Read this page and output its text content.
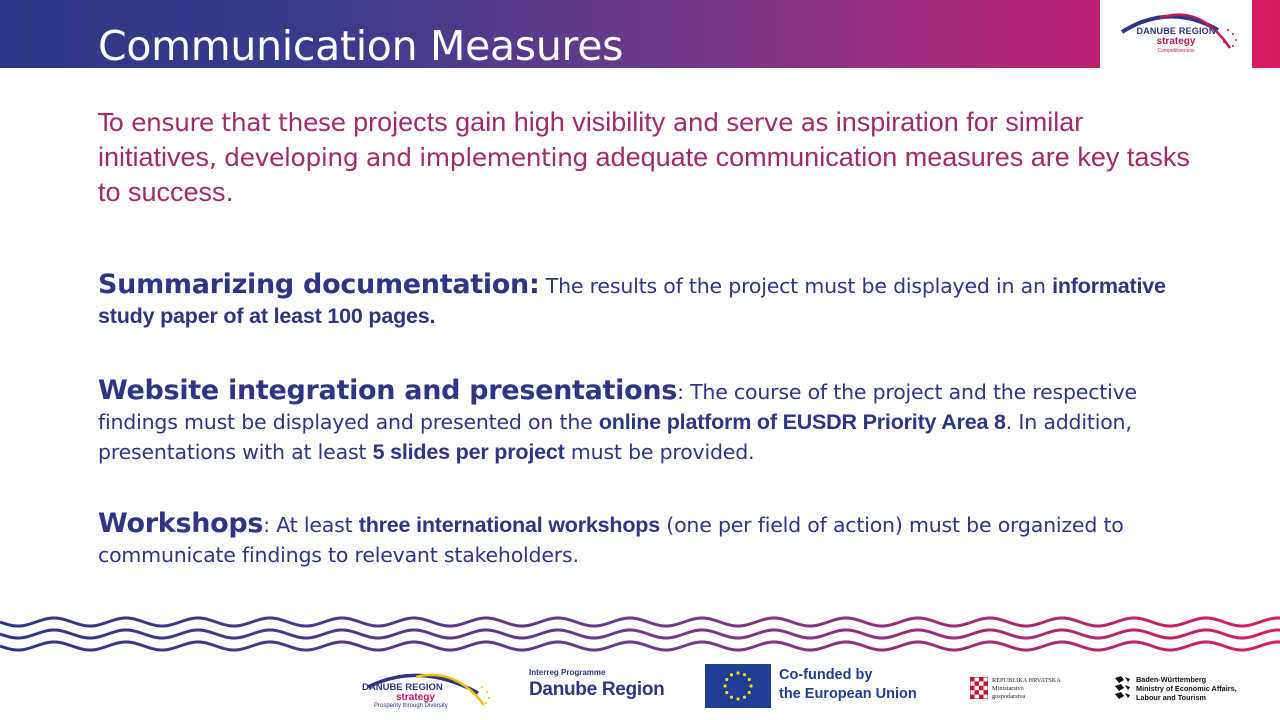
Communication Measures	DANUBE REGION
strategy
Competitiveness
To ensure that these projects gain high visibility and serve as inspiration for similar initiatives, developing and implementing adequate communication measures are key tasks to success.
Summarizing documentation: The results of the project must be displayed in an informative study paper of at least 100 pages.
Website integration and presentations: The course of the project and the respective findings must be displayed and presented on the online platform of EUSDR Priority Area 8. In addition, presentations with at least 5 slides per project must be provided.
Workshops: At least three international workshops (one per field of action) must be organized to communicate findings to relevant stakeholders.
DANUBE REGION
strategy
Prosperity through Diversity
Interreg Programme
Danube Region
Co-funded by
the European Union
REPUBLIKA HRVATSKA
Ministarstvo
gospodarstva
Baden-Württemberg
Ministry of Economic Affairs,
Labour and Tourism
